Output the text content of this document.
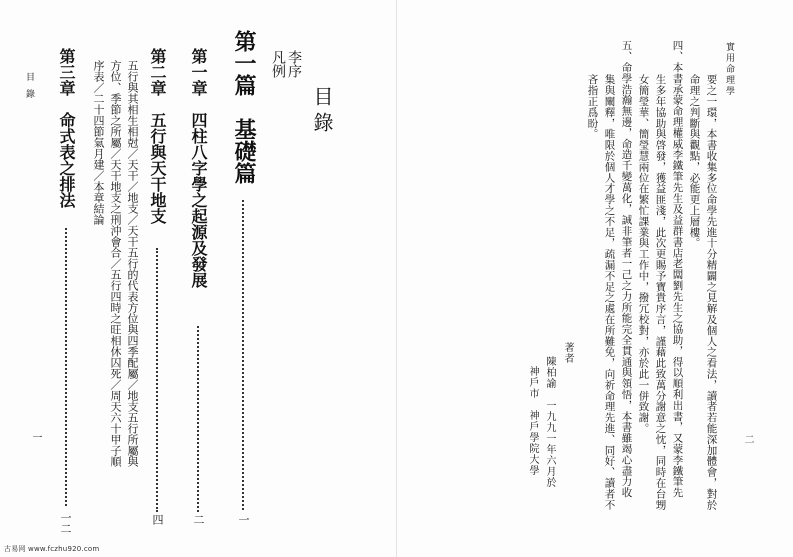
目錄
一
目錄
李序
凡例
第一篇　基礎篇
一
第一章　四柱八字學之起源及發展
二
第二章　五行與天干地支
四
五行與其相生相尅／天干／地支／天干五行的代表方位與四季配屬／地支五行所屬與
方位、季節之所屬／天干地支之刑沖會合／五行四時之旺相休囚死／周天六十甲子順
序表／二十四節氣月建／本章結論
第三章　命式表之排法
一二
實用命理學
二
要之一環，本書收集多位命學先進十分精闢之見解及個人之看法，讀者若能深加體會，對於
命理之判斷與觀點，必能更上層樓。
四、本書承蒙命理權威李鐵筆先生及益群書店老闆劉先生之協助，得以順利出書，又蒙李鐵筆先
生多年協助與啓發，獲益匪淺，此次更賜予寶貴序言，謹藉此致萬分謝意之忱，同時在台甥
女簡瑩華、簡瑩慧兩位在繁忙課業與工作中，撥冗校對，亦於此一併致謝。
五、命學浩瀚無邊，命造千變萬化，誠非筆者一己之力所能完全貫通與領悟，本書雖竭心盡力收
集與闡釋，唯限於個人才學之不足，疏漏不足之處在所難免，向祈命理先進、同好、讀者不
吝指正爲盼。
著者
陳柏諭　一九九一年六月於
神戶市　神戶學院大學
古易网 www.fczhu920.com
